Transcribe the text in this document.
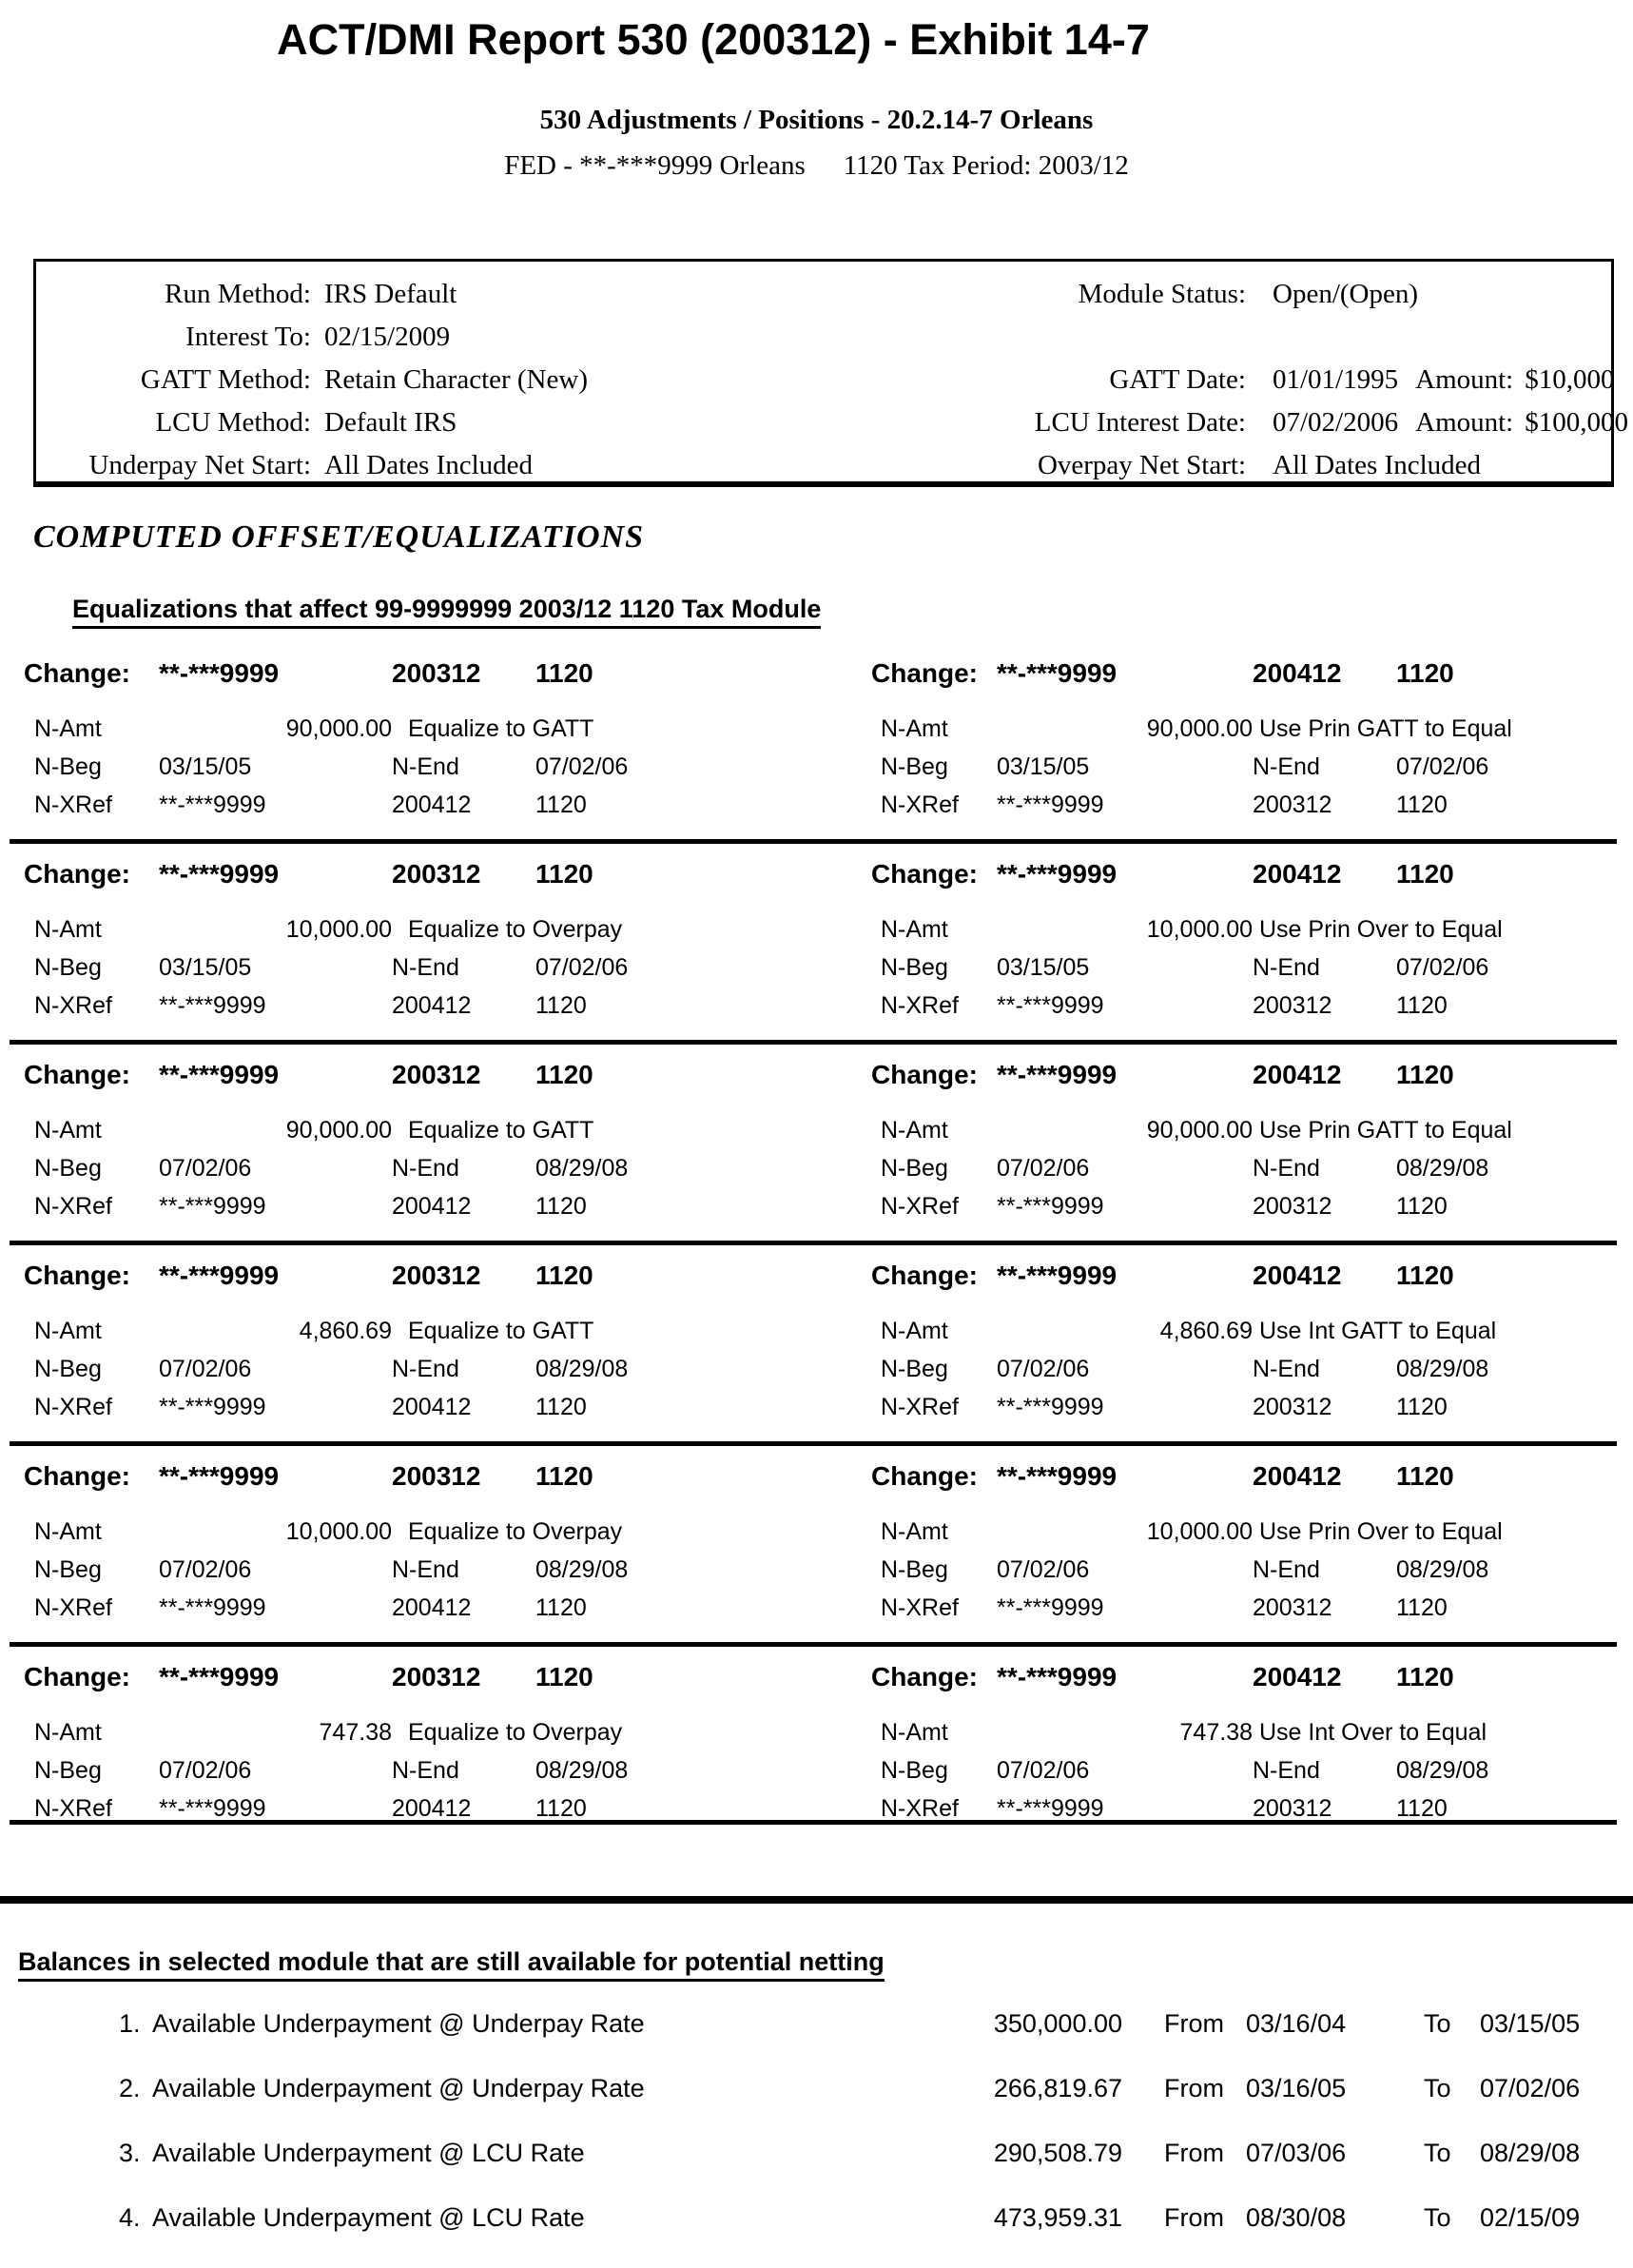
ACT/DMI Report 530 (200312) - Exhibit 14-7
530 Adjustments / Positions - 20.2.14-7 Orleans
FED - **-***9999 Orleans 1120 Tax Period: 2003/12
Run Method: IRS Default	Module Status: Open/(Open)
Interest To: 02/15/2009
GATT Method: Retain Character (New)	GATT Date: 01/01/1995 Amount: $10,000
LCU Method: Default IRS	LCU Interest Date: 07/02/2006 Amount: $100,000
Underpay Net Start: All Dates Included	Overpay Net Start: All Dates Included
COMPUTED OFFSET/EQUALIZATIONS
Equalizations that affect 99-9999999 2003/12 1120 Tax Module
Change: **-***9999	200312 1120
N-Amt	90,000.00 Equalize to GATT
N-Beg 03/15/05	N-End	07/02/06
N-XRef **-***9999	200412	1120
Change: **-***9999	200412 1120
N-Amt	90,000.00 Use Prin GATT to Equal
N-Beg 03/15/05	N-End	07/02/06
N-XRef **-***9999	200312	1120
Change: **-***9999	200312 1120
N-Amt	10,000.00 Equalize to Overpay
N-Beg 03/15/05	N-End	07/02/06
N-XRef **-***9999	200412	1120
Change: **-***9999	200412 1120
N-Amt	10,000.00 Use Prin Over to Equal
N-Beg 03/15/05	N-End	07/02/06
N-XRef **-***9999	200312	1120
Change: **-***9999	200312 1120
N-Amt	90,000.00 Equalize to GATT
N-Beg 07/02/06	N-End	08/29/08
N-XRef **-***9999	200412	1120
Change: **-***9999	200412 1120
N-Amt	90,000.00 Use Prin GATT to Equal
N-Beg 07/02/06	N-End	08/29/08
N-XRef **-***9999	200312	1120
Change: **-***9999	200312 1120
N-Amt	4,860.69 Equalize to GATT
N-Beg 07/02/06	N-End	08/29/08
N-XRef **-***9999	200412	1120
Change: **-***9999	200412 1120
N-Amt	4,860.69 Use Int GATT to Equal
N-Beg 07/02/06	N-End	08/29/08
N-XRef **-***9999	200312	1120
Change: **-***9999	200312 1120
N-Amt	10,000.00 Equalize to Overpay
N-Beg 07/02/06	N-End	08/29/08
N-XRef **-***9999	200412	1120
Change: **-***9999	200412 1120
N-Amt	10,000.00 Use Prin Over to Equal
N-Beg 07/02/06	N-End	08/29/08
N-XRef **-***9999	200312	1120
Change: **-***9999	200312 1120
N-Amt	747.38 Equalize to Overpay
N-Beg 07/02/06	N-End	08/29/08
N-XRef **-***9999	200412	1120
Change: **-***9999	200412 1120
N-Amt	747.38 Use Int Over to Equal
N-Beg 07/02/06	N-End	08/29/08
N-XRef **-***9999	200312	1120
Balances in selected module that are still available for potential netting
1. Available Underpayment @ Underpay Rate	350,000.00 From 03/16/04	To 03/15/05
2. Available Underpayment @ Underpay Rate	266,819.67 From 03/16/05	To 07/02/06
3. Available Underpayment @ LCU Rate	290,508.79 From 07/03/06	To 08/29/08
4. Available Underpayment @ LCU Rate	473,959.31 From 08/30/08	To 02/15/09
